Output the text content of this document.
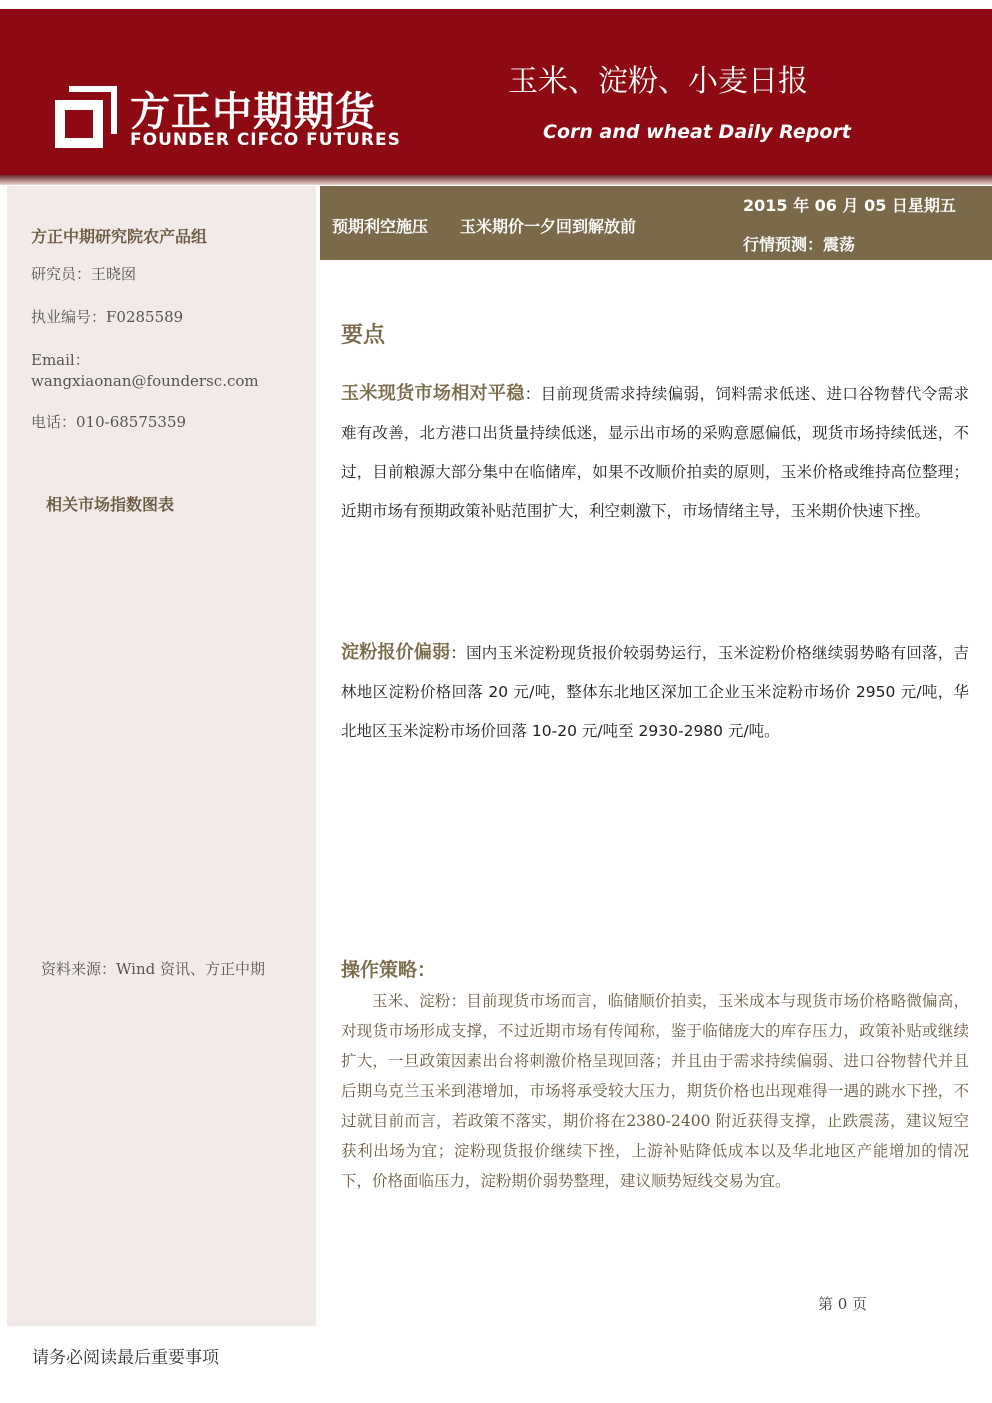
方正中期期货
FOUNDER CIFCO FUTURES
玉米、淀粉、小麦日报
Corn and wheat Daily Report
方正中期研究院农产品组
研究员：王晓囡
执业编号：F0285589
Email：
wangxiaonan@foundersc.com
电话：010-68575359
相关市场指数图表
资料来源：Wind 资讯、方正中期
预期利空施压　　玉米期价一夕回到解放前
2015 年 06 月 05 日星期五
行情预测：震荡
要点
玉米现货市场相对平稳：目前现货需求持续偏弱，饲料需求低迷、进口谷物替代令需求难有改善，北方港口出货量持续低迷，显示出市场的采购意愿偏低，现货市场持续低迷，不过，目前粮源大部分集中在临储库，如果不改顺价拍卖的原则，玉米价格或维持高位整理；近期市场有预期政策补贴范围扩大，利空刺激下，市场情绪主导，玉米期价快速下挫。
淀粉报价偏弱：国内玉米淀粉现货报价较弱势运行，玉米淀粉价格继续弱势略有回落，吉林地区淀粉价格回落 20 元/吨，整体东北地区深加工企业玉米淀粉市场价 2950 元/吨，华北地区玉米淀粉市场价回落 10-20 元/吨至 2930-2980 元/吨。
操作策略：
玉米、淀粉：目前现货市场而言，临储顺价拍卖，玉米成本与现货市场价格略微偏高，对现货市场形成支撑，不过近期市场有传闻称，鉴于临储庞大的库存压力，政策补贴或继续扩大，一旦政策因素出台将刺激价格呈现回落；并且由于需求持续偏弱、进口谷物替代并且后期乌克兰玉米到港增加，市场将承受较大压力，期货价格也出现难得一遇的跳水下挫，不过就目前而言，若政策不落实，期价将在2380-2400 附近获得支撑，止跌震荡，建议短空获利出场为宜；淀粉现货报价继续下挫，上游补贴降低成本以及华北地区产能增加的情况下，价格面临压力，淀粉期价弱势整理，建议顺势短线交易为宜。
第 0 页
请务必阅读最后重要事项
